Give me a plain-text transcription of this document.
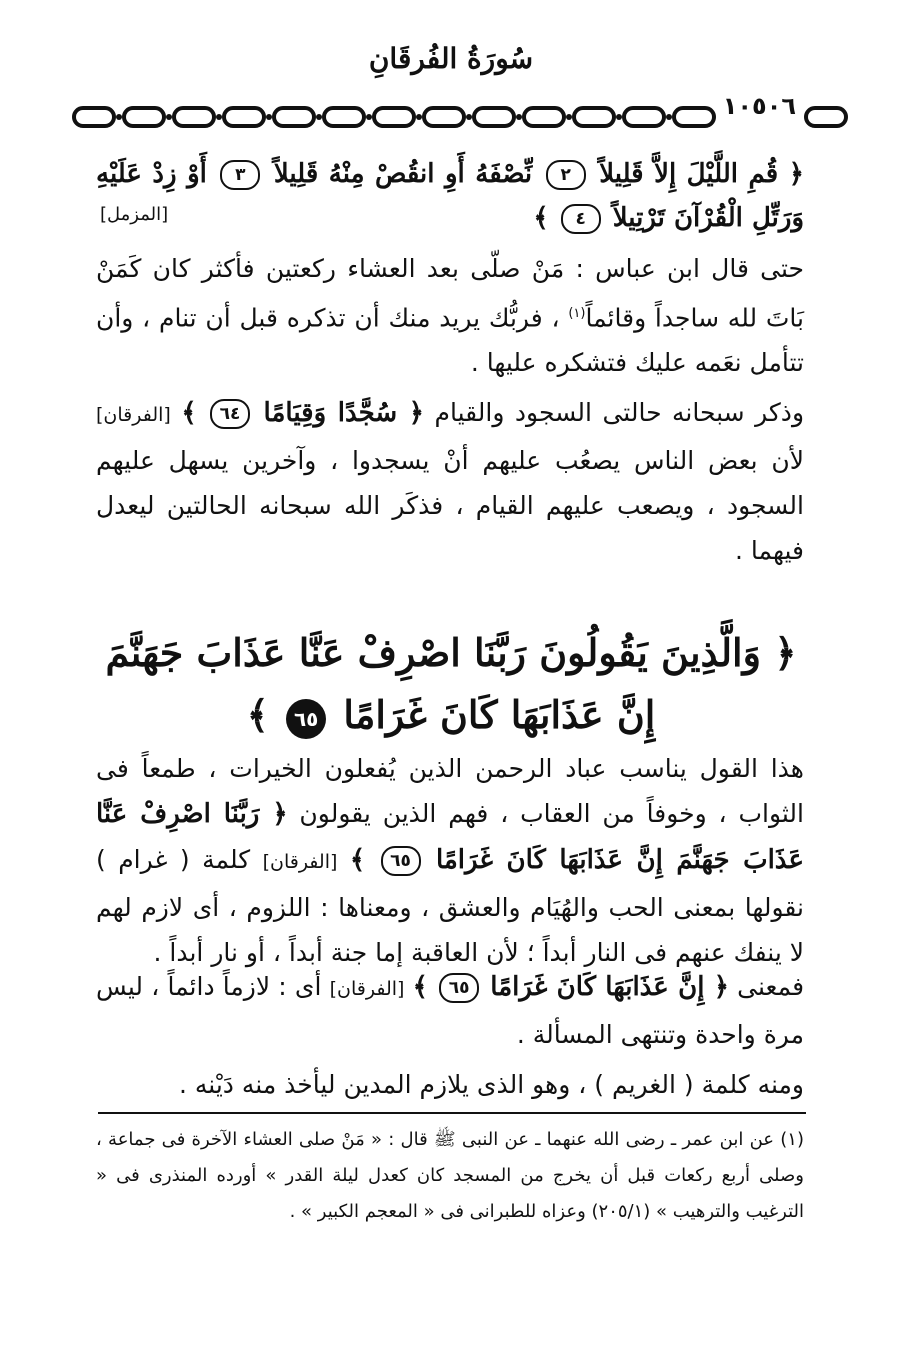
سُورَةُ الفُرقَانِ
١٠٥٠٦
﴿ قُمِ اللَّيْلَ إِلاَّ قَلِيلاً ٢ نِّصْفَهُ أَوِ انقُصْ مِنْهُ قَلِيلاً ٣ أَوْ زِدْ عَلَيْهِ وَرَتِّلِ الْقُرْآنَ تَرْتِيلاً ٤ ﴾
[المزمل]
حتى قال ابن عباس : مَنْ صلّى بعد العشاء ركعتين فأكثر كان كَمَنْ بَاتَ لله ساجداً وقائماً$^{(١)}$ ، فربُّك يريد منك أن تذكره قبل أن تنام ، وأن تتأمل نعَمه عليك فتشكره عليها .
وذكر سبحانه حالتى السجود والقيام ﴿ سُجَّدًا وَقِيَامًا ٦٤ ﴾ [الفرقان] لأن بعض الناس يصعُب عليهم أنْ يسجدوا ، وآخرين يسهل عليهم السجود ، ويصعب عليهم القيام ، فذكَر الله سبحانه الحالتين ليعدل فيهما .
﴿ وَالَّذِينَ يَقُولُونَ رَبَّنَا اصْرِفْ عَنَّا عَذَابَ جَهَنَّمَ
إِنَّ عَذَابَهَا كَانَ غَرَامًا ٦٥ ﴾
هذا القول يناسب عباد الرحمن الذين يُفعلون الخيرات ، طمعاً فى الثواب ، وخوفاً من العقاب ، فهم الذين يقولون ﴿ رَبَّنَا اصْرِفْ عَنَّا عَذَابَ جَهَنَّمَ إِنَّ عَذَابَهَا كَانَ غَرَامًا ٦٥ ﴾ [الفرقان] كلمة ( غرام ) نقولها بمعنى الحب والهُيَام والعشق ، ومعناها : اللزوم ، أى لازم لهم لا ينفك عنهم فى النار أبداً ؛ لأن العاقبة إما جنة أبداً ، أو نار أبداً .
فمعنى ﴿ إِنَّ عَذَابَهَا كَانَ غَرَامًا ٦٥ ﴾ [الفرقان] أى : لازماً دائماً ، ليس مرة واحدة وتنتهى المسألة .
ومنه كلمة ( الغريم ) ، وهو الذى يلازم المدين ليأخذ منه دَيْنه .
(١) عن ابن عمر ـ رضى الله عنهما ـ عن النبى ﷺ قال : « مَنْ صلى العشاء الآخرة فى جماعة ، وصلى أربع ركعات قبل أن يخرج من المسجد كان كعدل ليلة القدر » أورده المنذرى فى « الترغيب والترهيب » (٢٠٥/١) وعزاه للطبرانى فى « المعجم الكبير » .
